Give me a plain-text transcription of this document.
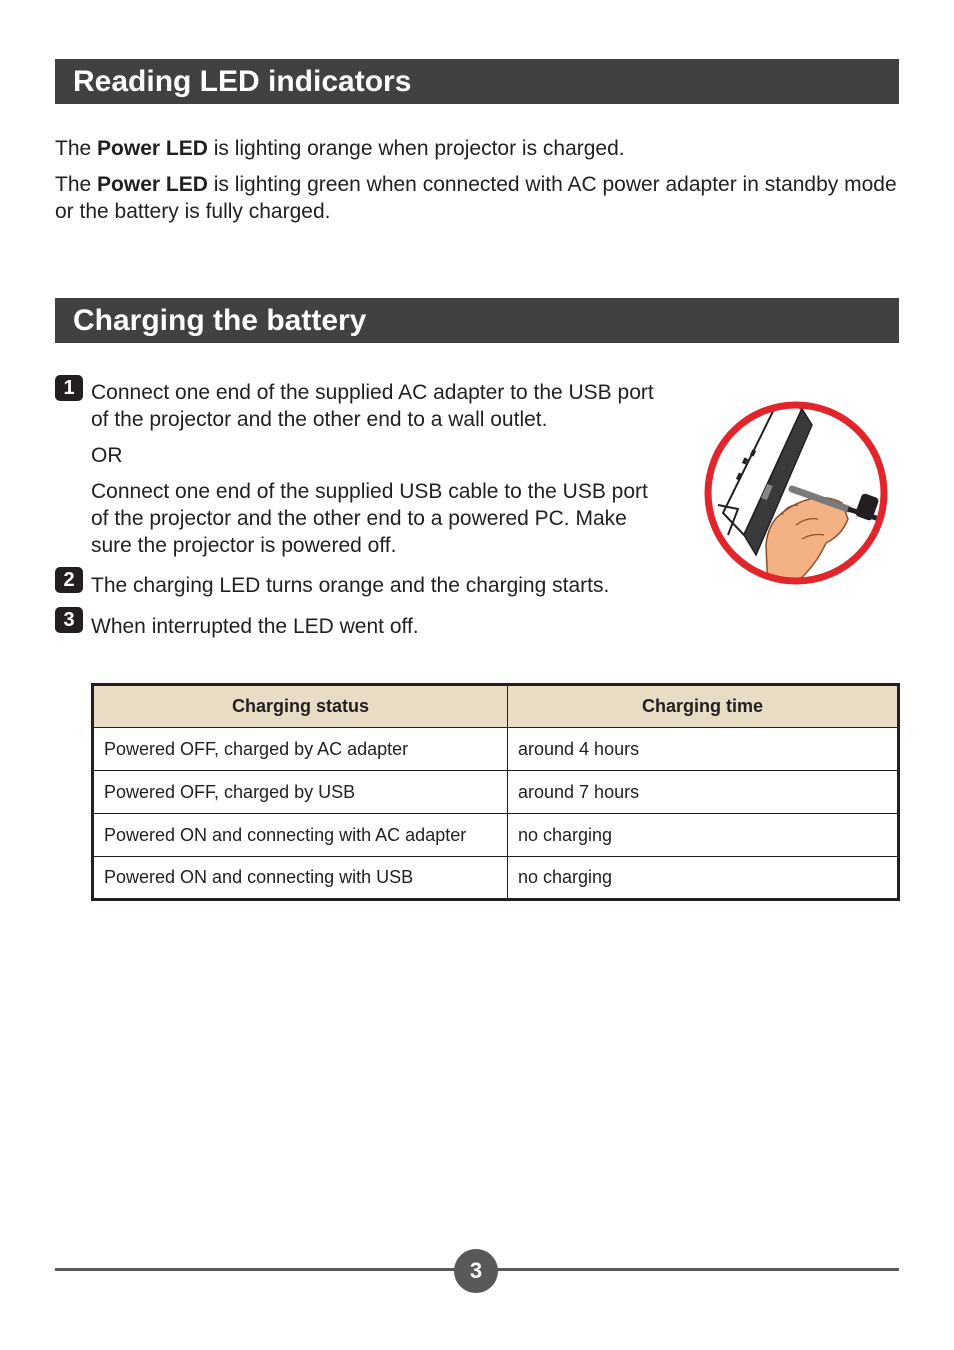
Reading LED indicators

The Power LED is lighting orange when projector is charged.

The Power LED is lighting green when connected with AC power adapter in standby mode or the battery is fully charged.

Charging the battery
1 Connect one end of the supplied AC adapter to the USB port of the projector and the other end to a wall outlet.

OR

Connect one end of the supplied USB cable to the USB port of the projector and the other end to a powered PC. Make sure the projector is powered off.

2 The charging LED turns orange and the charging starts.

3 When interrupted the LED went off.

Charging status	Charging time
Powered OFF, charged by AC adapter	around 4 hours
Powered OFF, charged by USB	around 7 hours
Powered ON and connecting with AC adapter	no charging
Powered ON and connecting with USB	no charging
3
